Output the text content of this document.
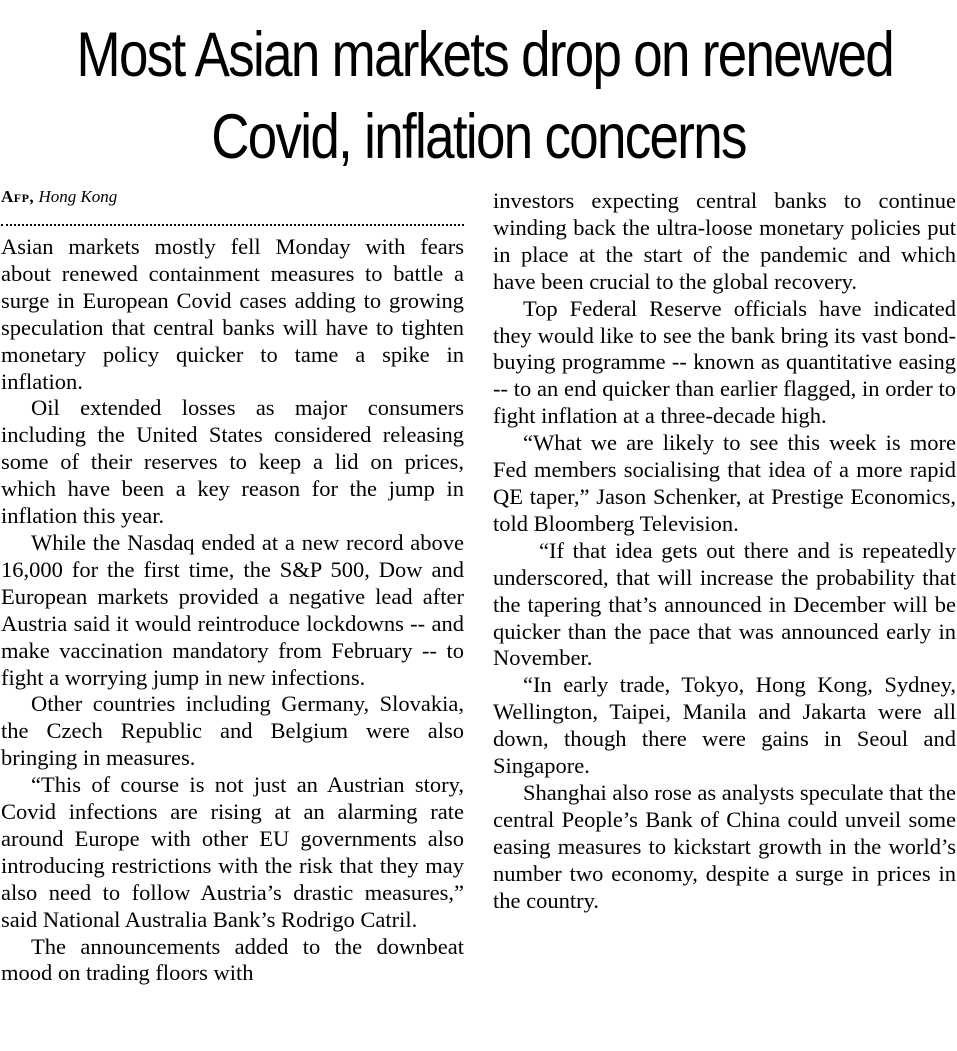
Most Asian markets drop on renewed
Covid, inflation concerns
Afp, Hong Kong

Asian markets mostly fell Monday with fears about renewed containment measures to battle a surge in European Covid cases adding to growing speculation that central banks will have to tighten monetary policy quicker to tame a spike in inflation.

Oil extended losses as major consumers including the United States considered releasing some of their reserves to keep a lid on prices, which have been a key reason for the jump in inflation this year.

While the Nasdaq ended at a new record above 16,000 for the first time, the S&P 500, Dow and European markets provided a negative lead after Austria said it would reintroduce lockdowns -- and make vaccination mandatory from February -- to fight a worrying jump in new infections.

Other countries including Germany, Slovakia, the Czech Republic and Belgium were also bringing in measures.

“This of course is not just an Austrian story, Covid infections are rising at an alarming rate around Europe with other EU governments also introducing restrictions with the risk that they may also need to follow Austria’s drastic measures,” said National Australia Bank’s Rodrigo Catril.

The announcements added to the downbeat mood on trading floors with

investors expecting central banks to continue winding back the ultra-loose monetary policies put in place at the start of the pandemic and which have been crucial to the global recovery.

Top Federal Reserve officials have indicated they would like to see the bank bring its vast bond-buying programme -- known as quantitative easing -- to an end quicker than earlier flagged, in order to fight inflation at a three-decade high.

“What we are likely to see this week is more Fed members socialising that idea of a more rapid QE taper,” Jason Schenker, at Prestige Economics, told Bloomberg Television.

“If that idea gets out there and is repeatedly underscored, that will increase the probability that the tapering that’s announced in December will be quicker than the pace that was announced early in November.

“In early trade, Tokyo, Hong Kong, Sydney, Wellington, Taipei, Manila and Jakarta were all down, though there were gains in Seoul and Singapore.

Shanghai also rose as analysts speculate that the central People’s Bank of China could unveil some easing measures to kickstart growth in the world’s number two economy, despite a surge in prices in the country.
